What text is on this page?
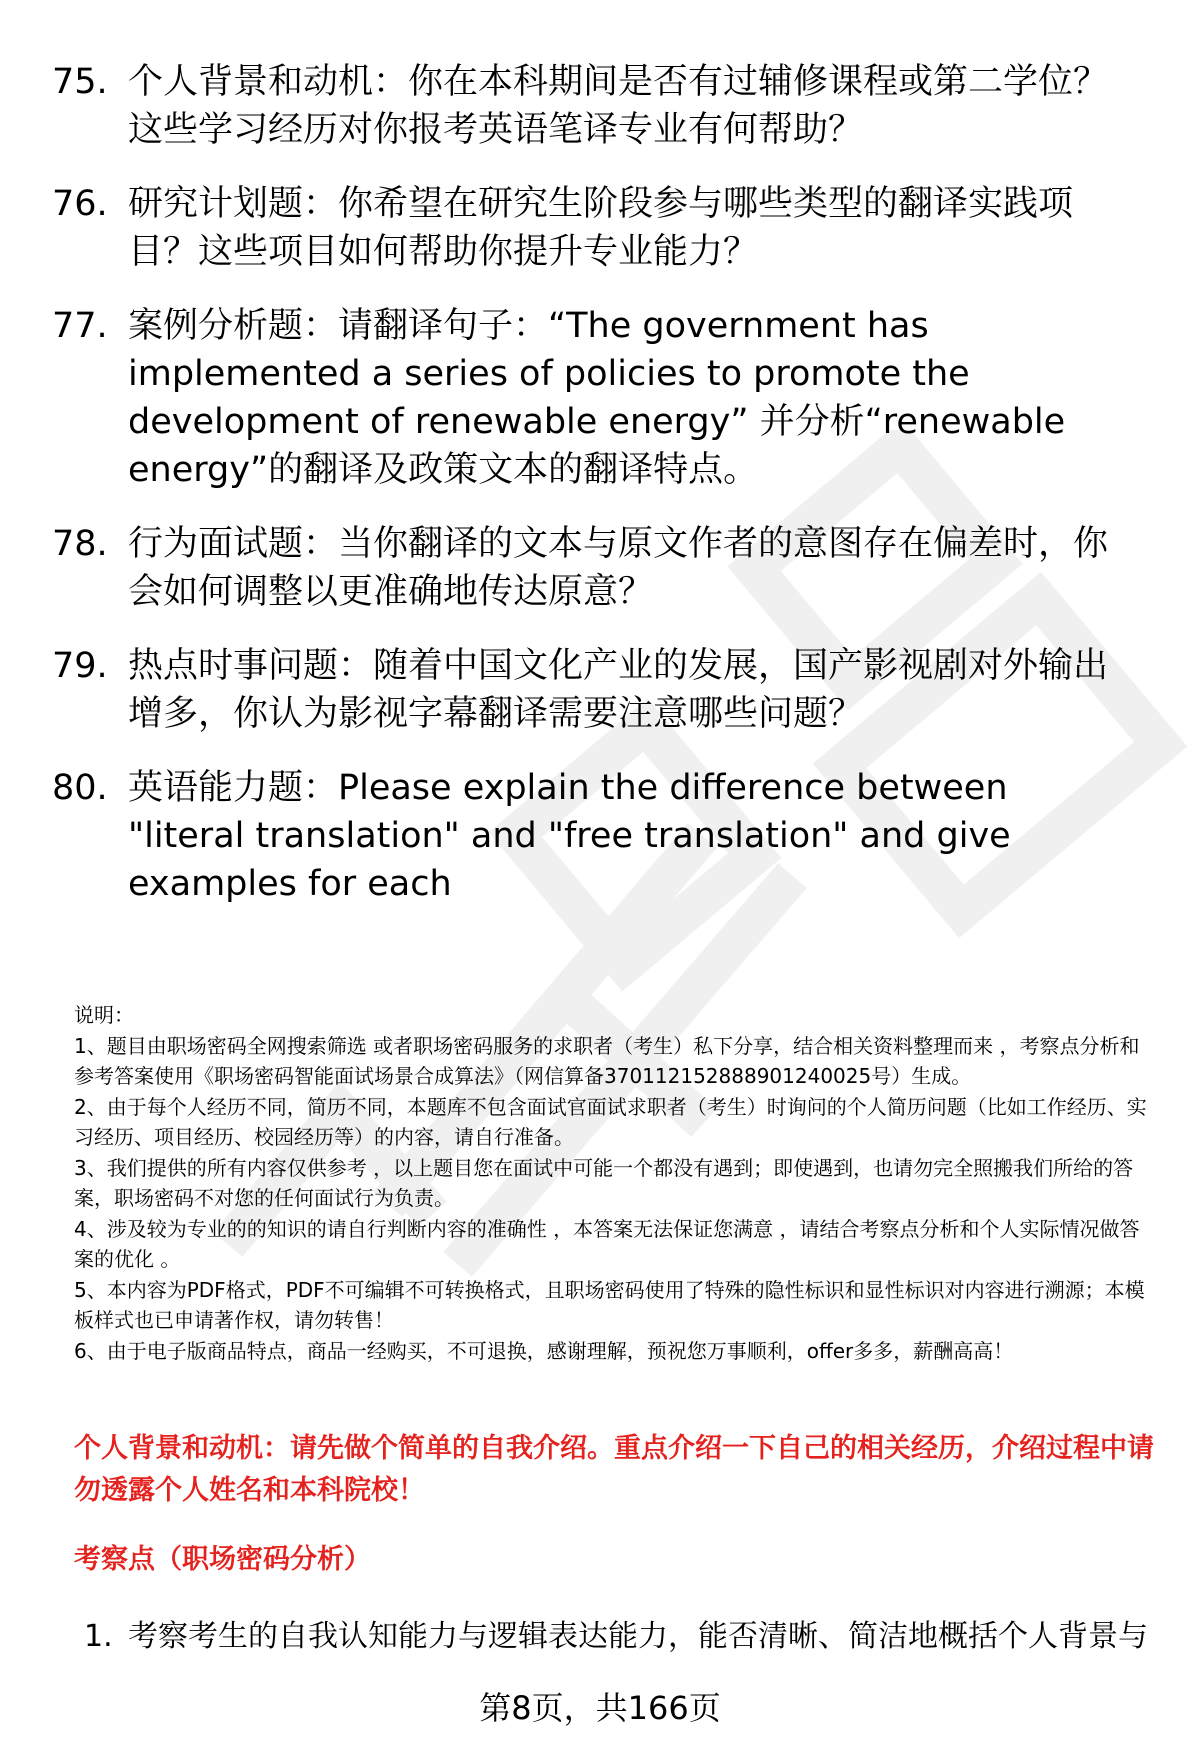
75. 个人背景和动机：你在本科期间是否有过辅修课程或第二学位？这些学习经历对你报考英语笔译专业有何帮助？
76. 研究计划题：你希望在研究生阶段参与哪些类型的翻译实践项目？这些项目如何帮助你提升专业能力？
77. 案例分析题：请翻译句子：“The government has implemented a series of policies to promote the development of renewable energy” 并分析“renewable energy”的翻译及政策文本的翻译特点。
78. 行为面试题：当你翻译的文本与原文作者的意图存在偏差时，你会如何调整以更准确地传达原意？
79. 热点时事问题：随着中国文化产业的发展，国产影视剧对外输出增多，你认为影视字幕翻译需要注意哪些问题？
80. 英语能力题：Please explain the difference between "literal translation" and "free translation" and give examples for each

说明：

1、题目由职场密码全网搜索筛选 或者职场密码服务的求职者（考生）私下分享，结合相关资料整理而来 ，考察点分析和参考答案使用《职场密码智能面试场景合成算法》（网信算备370112152888901240025号）生成。

2、由于每个人经历不同，简历不同，本题库不包含面试官面试求职者（考生）时询问的个人简历问题（比如工作经历、实习经历、项目经历、校园经历等）的内容，请自行准备。

3、我们提供的所有内容仅供参考 ，以上题目您在面试中可能一个都没有遇到；即使遇到，也请勿完全照搬我们所给的答案，职场密码不对您的任何面试行为负责。

4、涉及较为专业的的知识的请自行判断内容的准确性 ，本答案无法保证您满意 ，请结合考察点分析和个人实际情况做答案的优化 。

5、本内容为PDF格式，PDF不可编辑不可转换格式，且职场密码使用了特殊的隐性标识和显性标识对内容进行溯源；本模板样式也已申请著作权，请勿转售！

6、由于电子版商品特点，商品一经购买，不可退换，感谢理解，预祝您万事顺利，offer多多，薪酬高高！

个人背景和动机：请先做个简单的自我介绍。重点介绍一下自己的相关经历，介绍过程中请勿透露个人姓名和本科院校！
考察点（职场密码分析）
1. 考察考生的自我认知能力与逻辑表达能力，能否清晰、简洁地概括个人背景与
第8页，共166页
